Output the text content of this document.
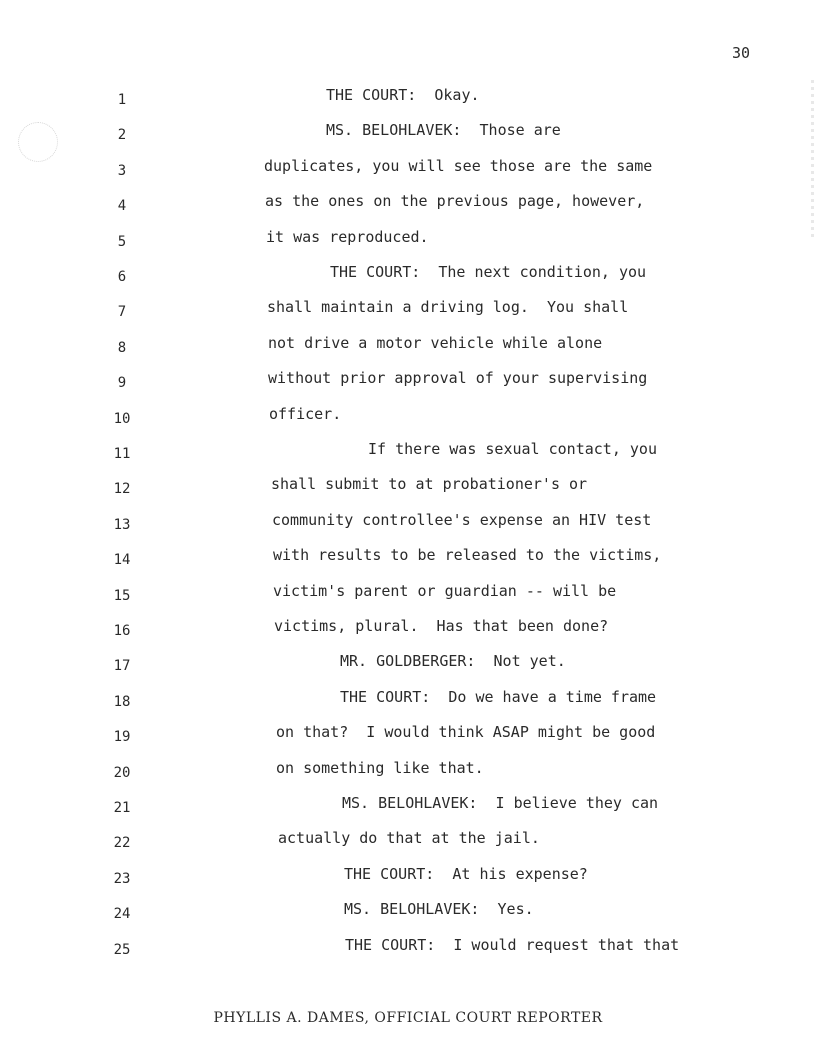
30
1	THE COURT:  Okay.
2	MS. BELOHLAVEK:  Those are
3	duplicates, you will see those are the same
4	as the ones on the previous page, however,
5	it was reproduced.
6	THE COURT:  The next condition, you
7	shall maintain a driving log.  You shall
8	not drive a motor vehicle while alone
9	without prior approval of your supervising
10	officer.
11	If there was sexual contact, you
12	shall submit to at probationer's or
13	community controllee's expense an HIV test
14	with results to be released to the victims,
15	victim's parent or guardian -- will be
16	victims, plural.  Has that been done?
17	MR. GOLDBERGER:  Not yet.
18	THE COURT:  Do we have a time frame
19	on that?  I would think ASAP might be good
20	on something like that.
21	MS. BELOHLAVEK:  I believe they can
22	actually do that at the jail.
23	THE COURT:  At his expense?
24	MS. BELOHLAVEK:  Yes.
25	THE COURT:  I would request that that
PHYLLIS A. DAMES, OFFICIAL COURT REPORTER
